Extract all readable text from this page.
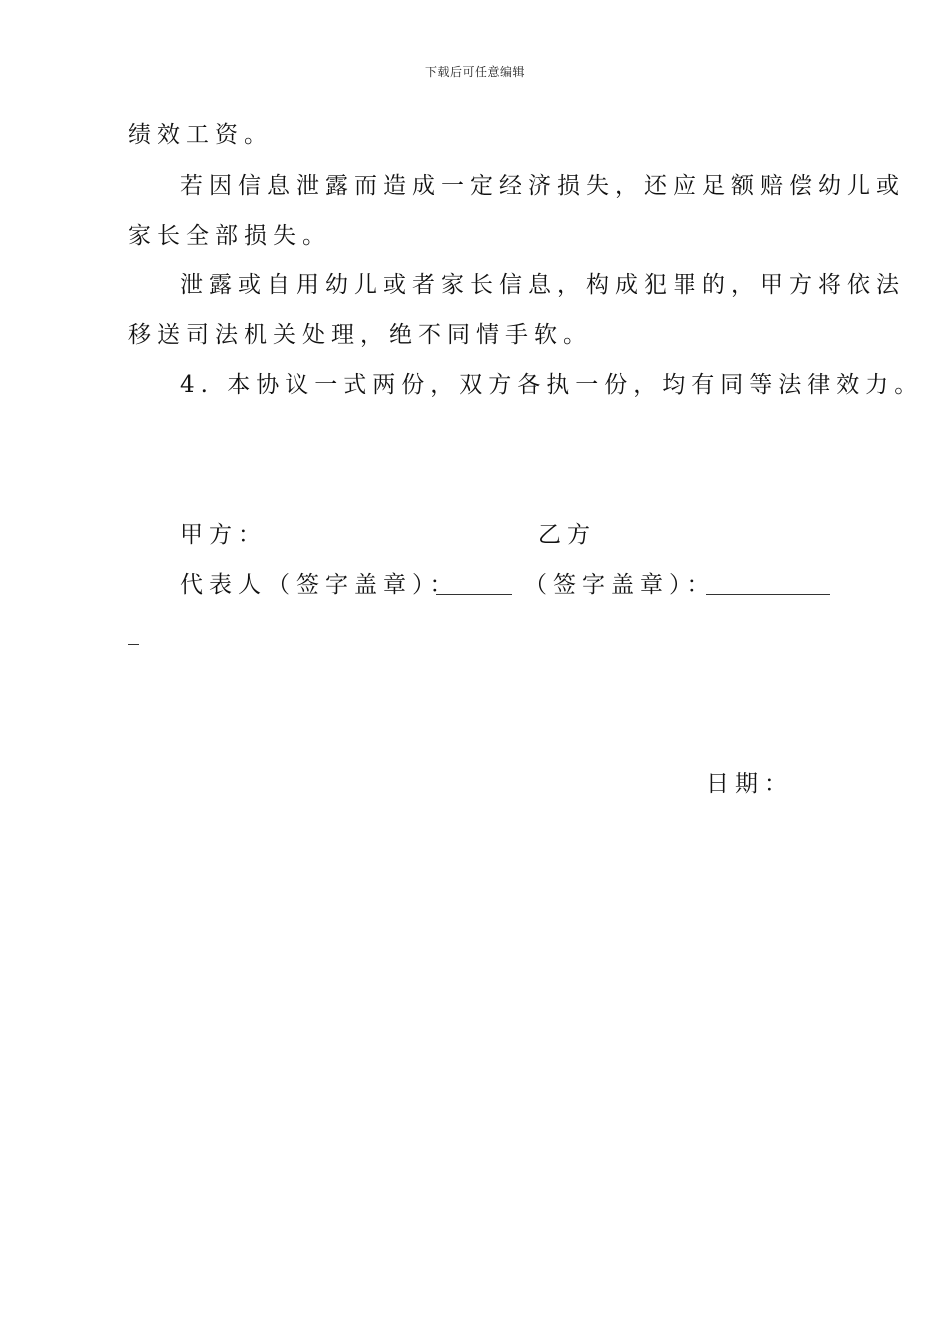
下载后可任意编辑
绩效工资。
若因信息泄露而造成一定经济损失，还应足额赔偿幼儿或
家长全部损失。
泄露或自用幼儿或者家长信息，构成犯罪的，甲方将依法
移送司法机关处理，绝不同情手软。
4. 本协议一式两份，双方各执一份，均有同等法律效力。
甲方：	乙方
代表人（签字盖章）：	（签字盖章）：
日期：
